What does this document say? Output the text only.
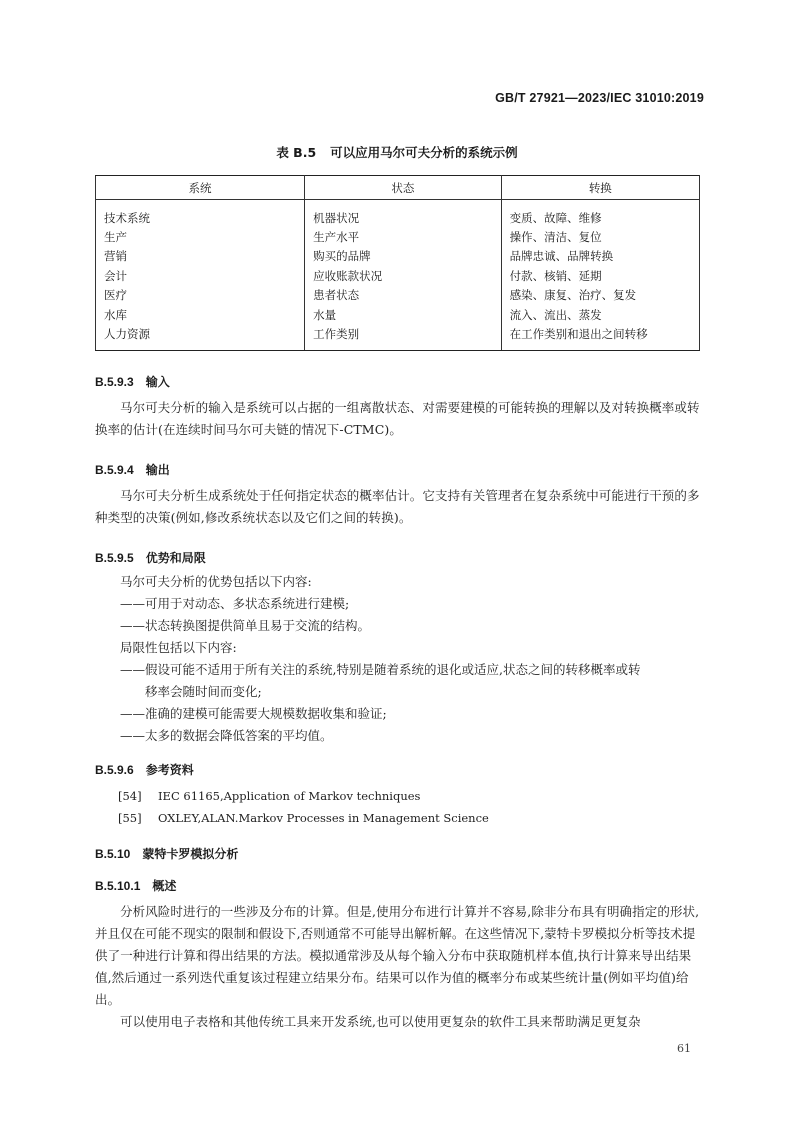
GB/T 27921—2023/IEC 31010:2019
表 B.5 可以应用马尔可夫分析的系统示例
系统	状态	转换
技术系统	机器状况	变质、故障、维修
生产	生产水平	操作、清洁、复位
营销	购买的品牌	品牌忠诚、品牌转换
会计	应收账款状况	付款、核销、延期
医疗	患者状态	感染、康复、治疗、复发
水库	水量	流入、流出、蒸发
人力资源	工作类别	在工作类别和退出之间转移
B.5.9.3 输入

马尔可夫分析的输入是系统可以占据的一组离散状态、对需要建模的可能转换的理解以及对转换概率或转换率的估计(在连续时间马尔可夫链的情况下-CTMC)。

B.5.9.4 输出

马尔可夫分析生成系统处于任何指定状态的概率估计。它支持有关管理者在复杂系统中可能进行干预的多种类型的决策(例如,修改系统状态以及它们之间的转换)。

B.5.9.5 优势和局限
马尔可夫分析的优势包括以下内容:
——可用于对动态、多状态系统进行建模;
——状态转换图提供简单且易于交流的结构。
局限性包括以下内容:
——假设可能不适用于所有关注的系统,特别是随着系统的退化或适应,状态之间的转移概率或转
移率会随时间而变化;
——准确的建模可能需要大规模数据收集和验证;
——太多的数据会降低答案的平均值。
B.5.9.6 参考资料
[54] IEC 61165,Application of Markov techniques
[55] OXLEY,ALAN.Markov Processes in Management Science
B.5.10 蒙特卡罗模拟分析
B.5.10.1 概述

分析风险时进行的一些涉及分布的计算。但是,使用分布进行计算并不容易,除非分布具有明确指定的形状,并且仅在可能不现实的限制和假设下,否则通常不可能导出解析解。在这些情况下,蒙特卡罗模拟分析等技术提供了一种进行计算和得出结果的方法。模拟通常涉及从每个输入分布中获取随机样本值,执行计算来导出结果值,然后通过一系列迭代重复该过程建立结果分布。结果可以作为值的概率分布或某些统计量(例如平均值)给出。

可以使用电子表格和其他传统工具来开发系统,也可以使用更复杂的软件工具来帮助满足更复杂

61
